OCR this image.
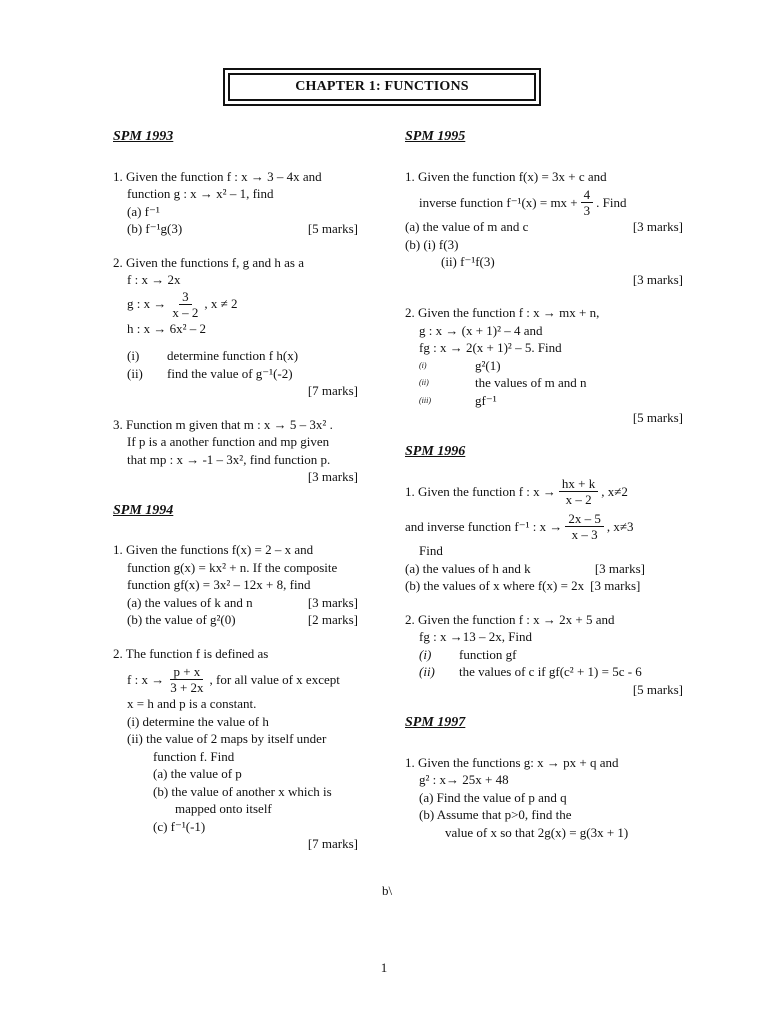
CHAPTER 1: FUNCTIONS
SPM 1993
1. Given the function f : x → 3 – 4x and
function g : x → x² – 1, find
(a) f⁻¹
(b) f⁻¹g(3)	[5 marks]
2. Given the functions f, g and h as a
f : x → 2x
g : $x \to \frac{3}{x - 2}$ , x ≠ 2
h : x → 6x² – 2
(i)	determine function f h(x)
(ii)	find the value of g⁻¹(-2)
[7 marks]
3. Function m given that m : x → 5 – 3x² .
If p is a another function and mp given
that mp : x → -1 – 3x², find function p.
[3 marks]
SPM 1994
1. Given the functions f(x) = 2 – x and
function g(x) = kx² + n. If the composite
function gf(x) = 3x² – 12x + 8, find
(a) the values of k and n	[3 marks]
(b) the value of g²(0)	[2 marks]
2. The function f is defined as
f : $x \to \frac{p + x}{3 + 2x}$ , for all value of x except
x = h and p is a constant.
(i) determine the value of h
(ii) the value of 2 maps by itself under
function f. Find
(a) the value of p
(b) the value of another x which is
mapped onto itself
(c) f⁻¹(-1)
[7 marks]
SPM 1995
1. Given the function f(x) = 3x + c and
inverse function f⁻¹(x) = mx + $\frac{4}{3}$ . Find
(a) the value of m and c	[3 marks]
(b) (i) f(3)
(ii) f⁻¹f(3)
[3 marks]
2. Given the function f : x → mx + n,
g : x → (x + 1)² – 4 and
fg : x → 2(x + 1)² – 5. Find
(i)	g²(1)
(ii)	the values of m and n
(iii)	gf⁻¹
[5 marks]
SPM 1996
1. Given the function f : $x \to \frac{hx + k}{x - 2}$ , x≠2
and inverse function f⁻¹ : $x \to \frac{2x - 5}{x - 3}$ , x≠3
Find
(a) the values of h and k	[3 marks]
(b) the values of x where f(x) = 2x [3 marks]
2. Given the function f : x → 2x + 5 and
fg : x →13 – 2x, Find
(i)	function gf
(ii)	the values of c if gf(c² + 1) = 5c - 6
[5 marks]
SPM 1997
1. Given the functions g: x → px + q and
g² : x→ 25x + 48
(a) Find the value of p and q
(b) Assume that p>0, find the
value of x so that 2g(x) = g(3x + 1)
b\
1
